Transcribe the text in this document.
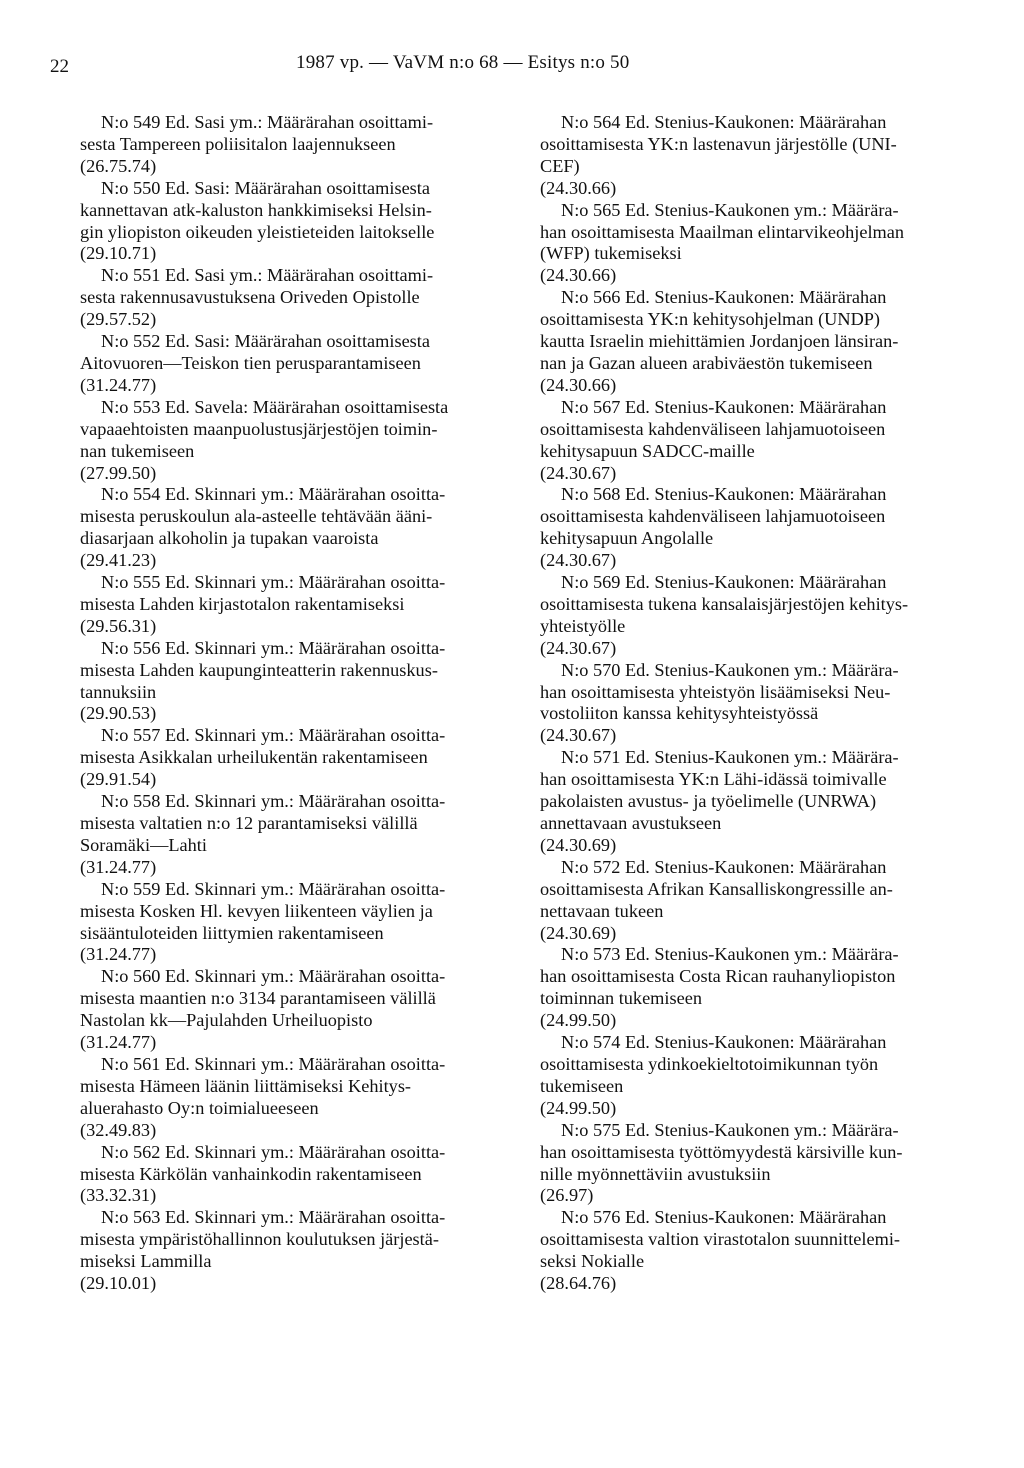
22	1987 vp. — VaVM n:o 68 — Esitys n:o 50
N:o 549 Ed. Sasi ym.: Määrärahan osoittami-
sesta Tampereen poliisitalon laajennukseen
(26.75.74)
N:o 550 Ed. Sasi: Määrärahan osoittamisesta
kannettavan atk-kaluston hankkimiseksi Helsin-
gin yliopiston oikeuden yleistieteiden laitokselle
(29.10.71)
N:o 551 Ed. Sasi ym.: Määrärahan osoittami-
sesta rakennusavustuksena Oriveden Opistolle
(29.57.52)
N:o 552 Ed. Sasi: Määrärahan osoittamisesta
Aitovuoren—Teiskon tien perusparantamiseen
(31.24.77)
N:o 553 Ed. Savela: Määrärahan osoittamisesta
vapaaehtoisten maanpuolustusjärjestöjen toimin-
nan tukemiseen
(27.99.50)
N:o 554 Ed. Skinnari ym.: Määrärahan osoitta-
misesta peruskoulun ala-asteelle tehtävään ääni-
diasarjaan alkoholin ja tupakan vaaroista
(29.41.23)
N:o 555 Ed. Skinnari ym.: Määrärahan osoitta-
misesta Lahden kirjastotalon rakentamiseksi
(29.56.31)
N:o 556 Ed. Skinnari ym.: Määrärahan osoitta-
misesta Lahden kaupunginteatterin rakennuskus-
tannuksiin
(29.90.53)
N:o 557 Ed. Skinnari ym.: Määrärahan osoitta-
misesta Asikkalan urheilukentän rakentamiseen
(29.91.54)
N:o 558 Ed. Skinnari ym.: Määrärahan osoitta-
misesta valtatien n:o 12 parantamiseksi välillä
Soramäki—Lahti
(31.24.77)
N:o 559 Ed. Skinnari ym.: Määrärahan osoitta-
misesta Kosken Hl. kevyen liikenteen väylien ja
sisääntuloteiden liittymien rakentamiseen
(31.24.77)
N:o 560 Ed. Skinnari ym.: Määrärahan osoitta-
misesta maantien n:o 3134 parantamiseen välillä
Nastolan kk—Pajulahden Urheiluopisto
(31.24.77)
N:o 561 Ed. Skinnari ym.: Määrärahan osoitta-
misesta Hämeen läänin liittämiseksi Kehitys-
aluerahasto Oy:n toimialueeseen
(32.49.83)
N:o 562 Ed. Skinnari ym.: Määrärahan osoitta-
misesta Kärkölän vanhainkodin rakentamiseen
(33.32.31)
N:o 563 Ed. Skinnari ym.: Määrärahan osoitta-
misesta ympäristöhallinnon koulutuksen järjestä-
miseksi Lammilla
(29.10.01)
N:o 564 Ed. Stenius-Kaukonen: Määrärahan
osoittamisesta YK:n lastenavun järjestölle (UNI-
CEF)
(24.30.66)
N:o 565 Ed. Stenius-Kaukonen ym.: Määrära-
han osoittamisesta Maailman elintarvikeohjelman
(WFP) tukemiseksi
(24.30.66)
N:o 566 Ed. Stenius-Kaukonen: Määrärahan
osoittamisesta YK:n kehitysohjelman (UNDP)
kautta Israelin miehittämien Jordanjoen länsiran-
nan ja Gazan alueen arabiväestön tukemiseen
(24.30.66)
N:o 567 Ed. Stenius-Kaukonen: Määrärahan
osoittamisesta kahdenväliseen lahjamuotoiseen
kehitysapuun SADCC-maille
(24.30.67)
N:o 568 Ed. Stenius-Kaukonen: Määrärahan
osoittamisesta kahdenväliseen lahjamuotoiseen
kehitysapuun Angolalle
(24.30.67)
N:o 569 Ed. Stenius-Kaukonen: Määrärahan
osoittamisesta tukena kansalaisjärjestöjen kehitys-
yhteistyölle
(24.30.67)
N:o 570 Ed. Stenius-Kaukonen ym.: Määrära-
han osoittamisesta yhteistyön lisäämiseksi Neu-
vostoliiton kanssa kehitysyhteistyössä
(24.30.67)
N:o 571 Ed. Stenius-Kaukonen ym.: Määrära-
han osoittamisesta YK:n Lähi-idässä toimivalle
pakolaisten avustus- ja työelimelle (UNRWA)
annettavaan avustukseen
(24.30.69)
N:o 572 Ed. Stenius-Kaukonen: Määrärahan
osoittamisesta Afrikan Kansalliskongressille an-
nettavaan tukeen
(24.30.69)
N:o 573 Ed. Stenius-Kaukonen ym.: Määrära-
han osoittamisesta Costa Rican rauhanyliopiston
toiminnan tukemiseen
(24.99.50)
N:o 574 Ed. Stenius-Kaukonen: Määrärahan
osoittamisesta ydinkoekieltotoimikunnan työn
tukemiseen
(24.99.50)
N:o 575 Ed. Stenius-Kaukonen ym.: Määrära-
han osoittamisesta työttömyydestä kärsiville kun-
nille myönnettäviin avustuksiin
(26.97)
N:o 576 Ed. Stenius-Kaukonen: Määrärahan
osoittamisesta valtion virastotalon suunnittelemi-
seksi Nokialle
(28.64.76)
